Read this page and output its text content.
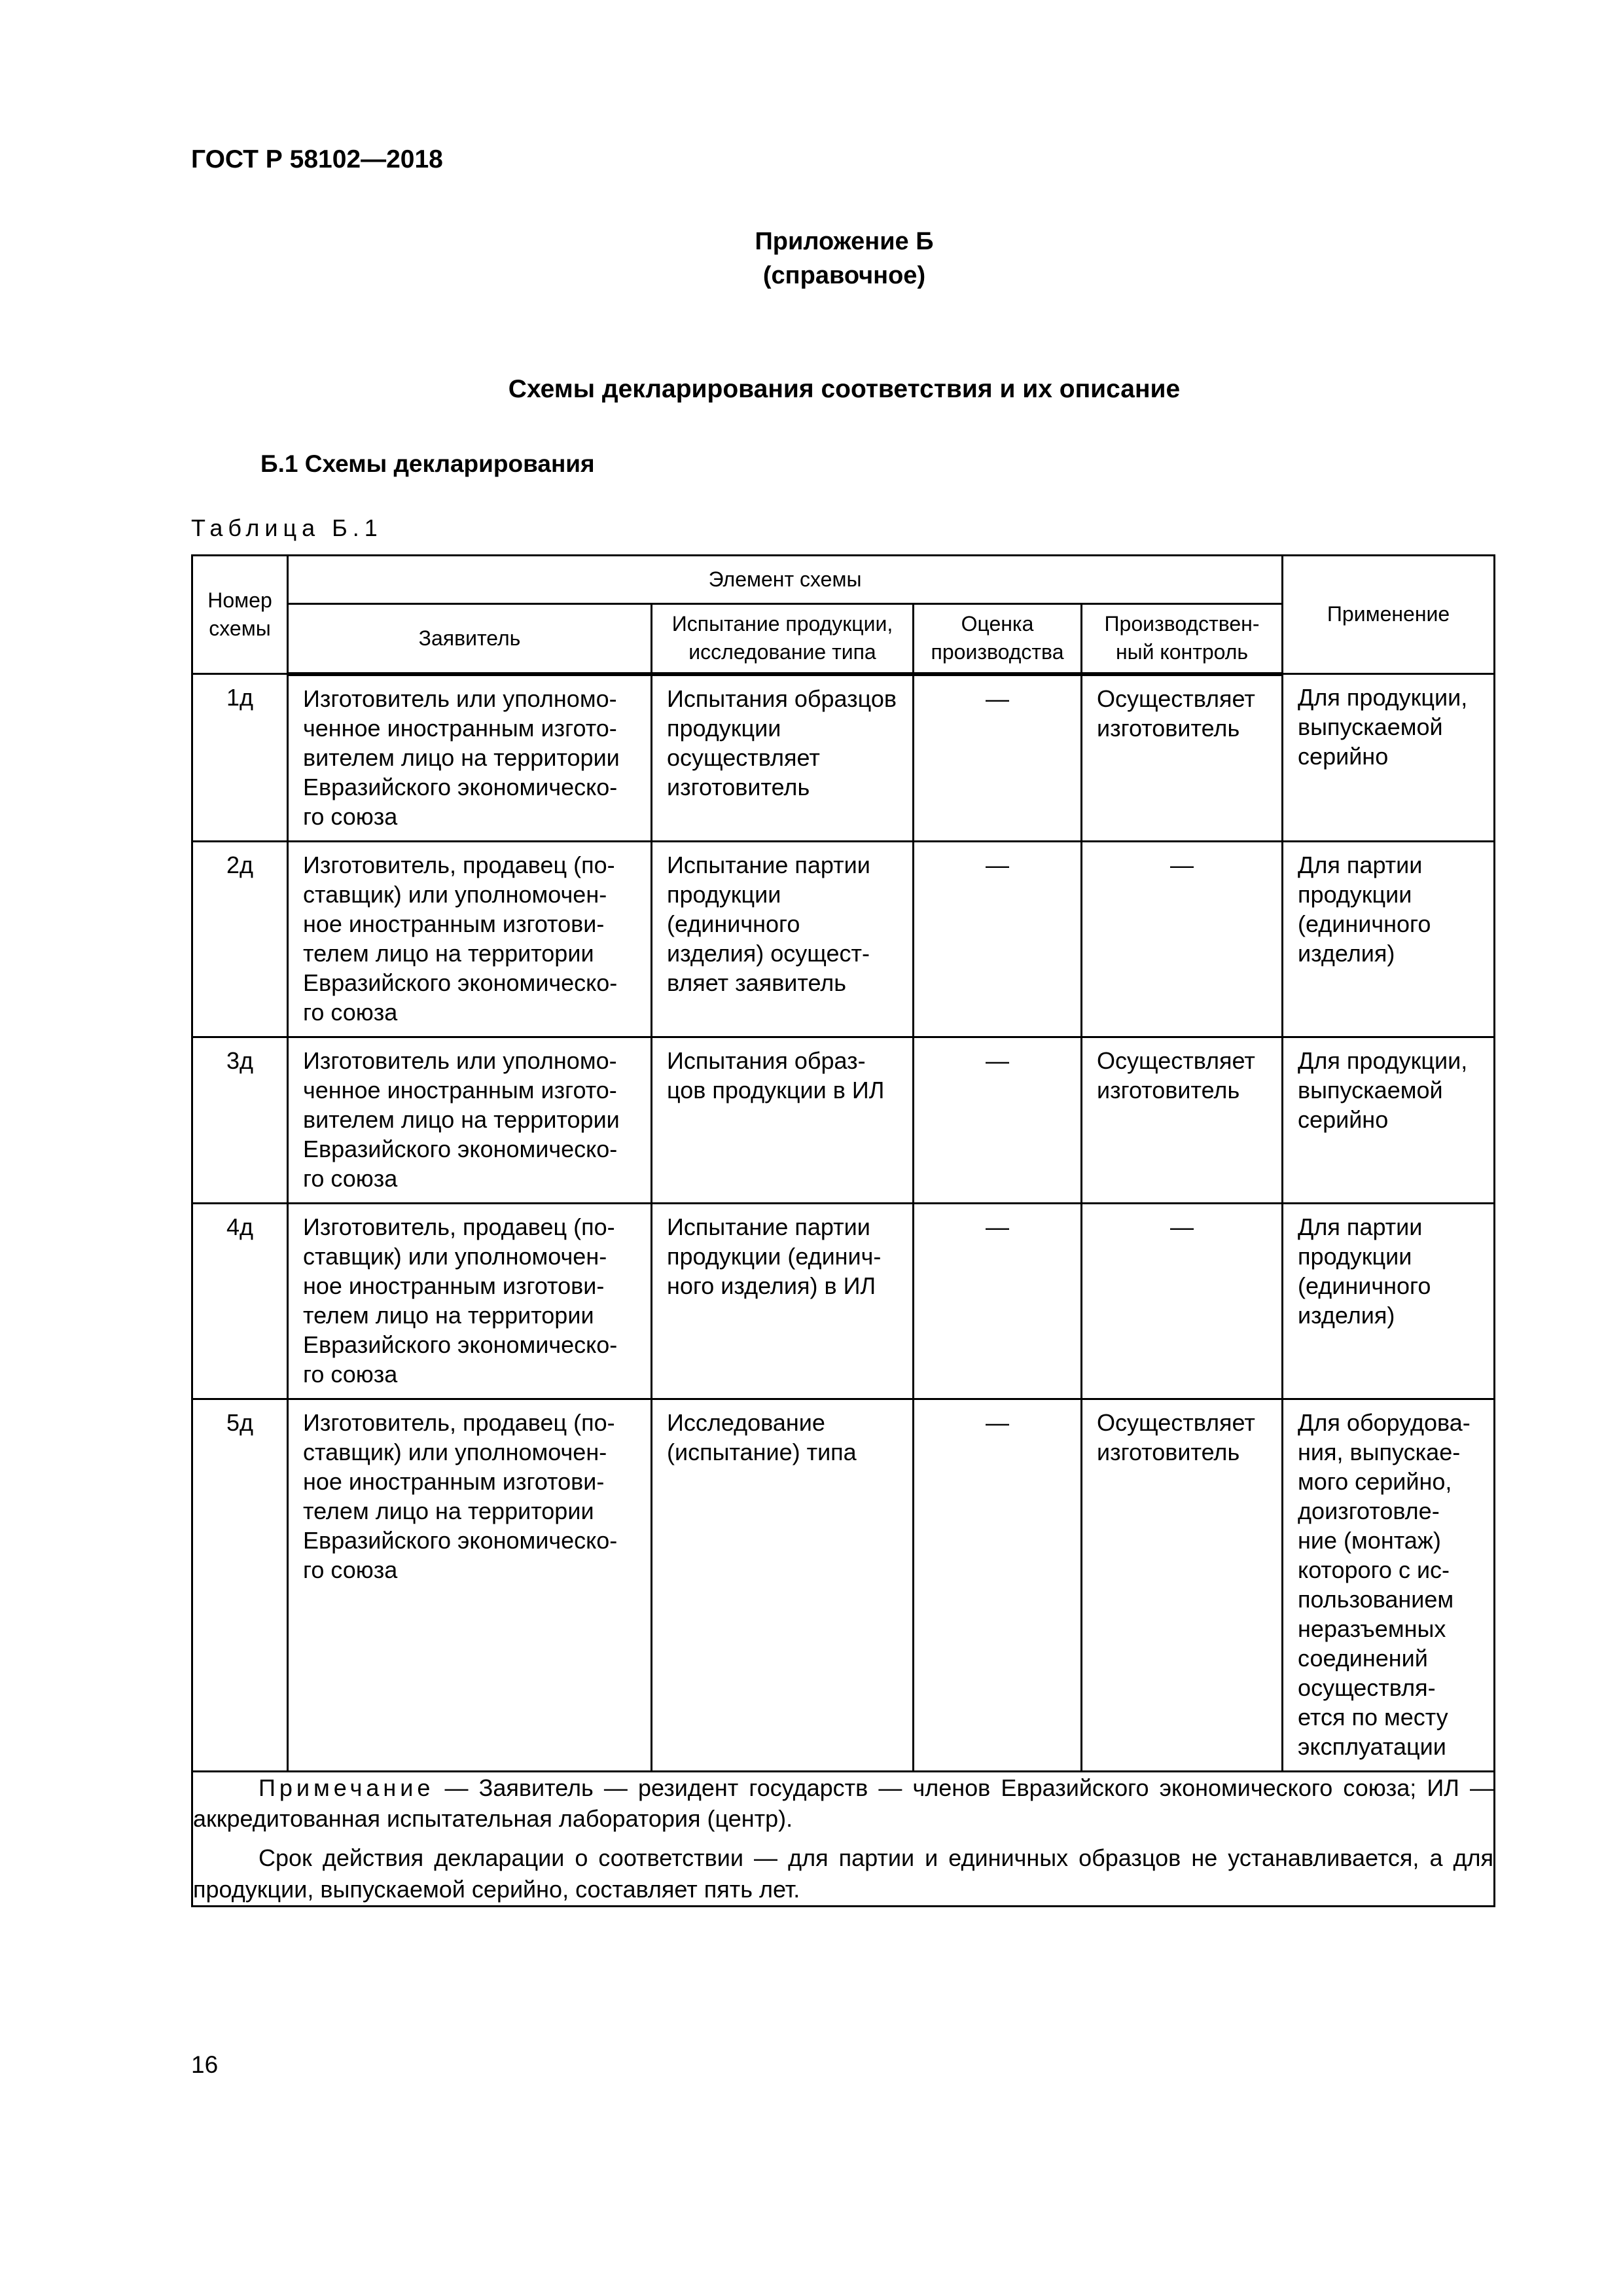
ГОСТ Р 58102—2018
Приложение Б
(справочное)
Схемы декларирования соответствия и их описание
Б.1 Схемы декларирования
Таблица Б.1
Номер схемы	Элемент схемы				Применение
	Заявитель	Испытание продукции, исследование типа	Оценка производства	Производствен- ный контроль	
1д	Изготовитель или уполномо- ченное иностранным изгото- вителем лицо на территории Евразийского экономическо- го союза	Испытания образцов продукции осуществляет изготовитель	—	Осуществляет изготовитель	Для продукции, выпускаемой серийно
2д	Изготовитель, продавец (по- ставщик) или уполномочен- ное иностранным изготови- телем лицо на территории Евразийского экономическо- го союза	Испытание партии продукции (единичного изделия) осущест- вляет заявитель	—	—	Для партии продукции (единичного изделия)
3д	Изготовитель или уполномо- ченное иностранным изгото- вителем лицо на территории Евразийского экономическо- го союза	Испытания образ- цов продукции в ИЛ	—	Осуществляет изготовитель	Для продукции, выпускаемой серийно
4д	Изготовитель, продавец (по- ставщик) или уполномочен- ное иностранным изготови- телем лицо на территории Евразийского экономическо- го союза	Испытание партии продукции (единич- ного изделия) в ИЛ	—	—	Для партии продукции (единичного изделия)
5д	Изготовитель, продавец (по- ставщик) или уполномочен- ное иностранным изготови- телем лицо на территории Евразийского экономическо- го союза	Исследование (испытание) типа	—	Осуществляет изготовитель	Для оборудова- ния, выпускае- мого серийно, доизготовле- ние (монтаж) которого с ис- пользованием неразъемных соединений осуществля- ется по месту эксплуатации

Примечание — Заявитель — резидент государств — членов Евразийского экономического союза; ИЛ — аккредитованная испытательная лаборатория (центр).

Срок действия декларации о соответствии — для партии и единичных образцов не устанавливается, а для продукции, выпускаемой серийно, составляет пять лет.					

16
